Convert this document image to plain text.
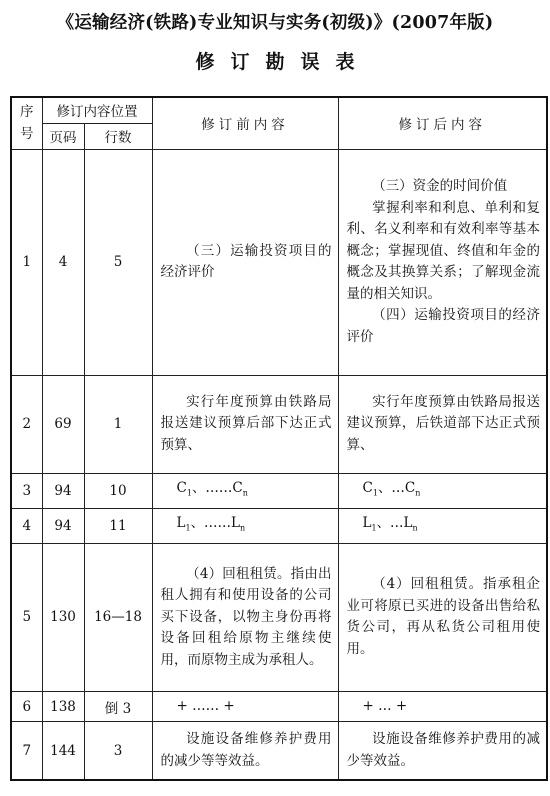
《运输经济(铁路)专业知识与实务(初级)》(2007年版)
修订勘误表
序号	修订内容位置		修订前内容	修订后内容
	页码	行数		
1	4	5	（三）运输投资项目的经济评价	（三）资金的时间价值
掌握利率和利息、单利和复利、名义利率和有效利率等基本概念；掌握现值、终值和年金的概念及其换算关系；了解现金流量的相关知识。
（四）运输投资项目的经济评价

2	69	1	实行年度预算由铁路局报送建议预算后部下达正式预算、	实行年度预算由铁路局报送建议预算，后铁道部下达正式预算、

3	94	10	$C_1$、$\dots\dots C_n$	$C_1$、$\dots C_n$
4	94	11	$L_1$、$\dots\dots L_n$	$L_1$、$\dots L_n$
5	130	16—18	（4）回租租赁。指由出租人拥有和使用设备的公司买下设备，以物主身份再将设备回租给原物主继续使用，而原物主成为承租人。	（4）回租租赁。指承租企业可将原已买进的设备出售给私货公司，再从私货公司租用使用。

6	138	倒 3	+ …… +	+ … +
7	144	3	设施设备维修养护费用的减少等等效益。	设施设备维修养护费用的减少等效益。
